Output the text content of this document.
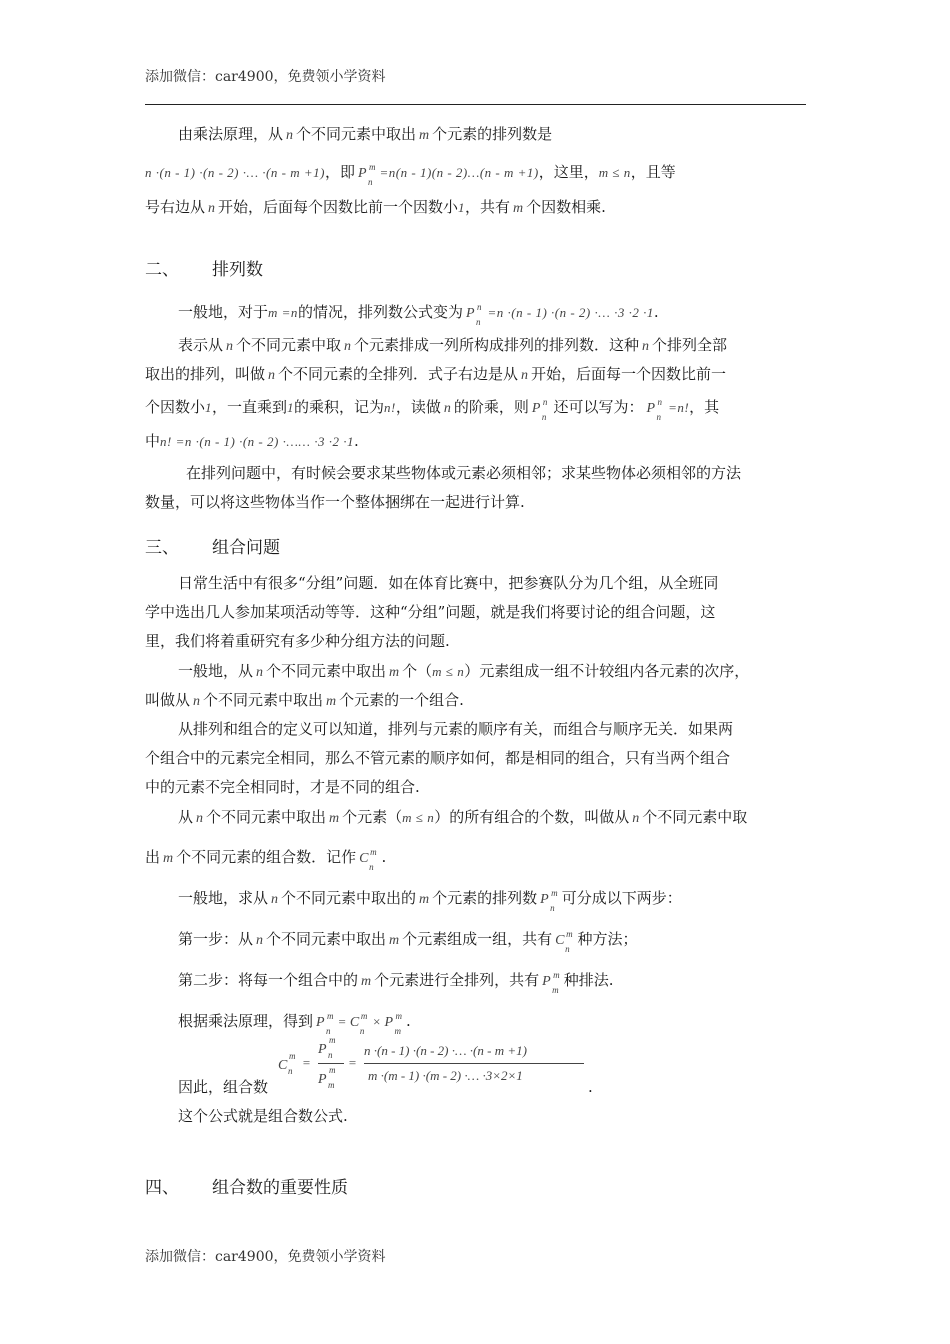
添加微信：car4900，免费领小学资料
由乘法原理，从 n 个不同元素中取出 m 个元素的排列数是
n ·(n - 1) ·(n - 2) ·… ·(n - m +1)，即 P m
n
=n(n - 1)(n - 2)…(n - m +1)，这里，m ≤ n，且等
号右边从 n 开始，后面每个因数比前一个因数小1，共有 m 个因数相乘.
二、 排列数
一般地，对于m =n的情况，排列数公式变为 P n
n
=n ·(n - 1) ·(n - 2) ·… ·3 ·2 ·1.
表示从 n 个不同元素中取 n 个元素排成一列所构成排列的排列数．这种 n 个排列全部
取出的排列，叫做 n 个不同元素的全排列．式子右边是从 n 开始，后面每一个因数比前一
个因数小1，一直乘到1的乘积，记为n!，读做 n 的阶乘，则 P n
n
还可以写为： P n
n
=n!，其
中n! =n ·(n - 1) ·(n - 2) ·…… ·3 ·2 ·1.
在排列问题中，有时候会要求某些物体或元素必须相邻；求某些物体必须相邻的方法
数量，可以将这些物体当作一个整体捆绑在一起进行计算.
三、 组合问题
日常生活中有很多“分组”问题．如在体育比赛中，把参赛队分为几个组，从全班同
学中选出几人参加某项活动等等．这种“分组”问题，就是我们将要讨论的组合问题，这
里，我们将着重研究有多少种分组方法的问题.
一般地，从 n 个不同元素中取出 m 个（m ≤ n）元素组成一组不计较组内各元素的次序，
叫做从 n 个不同元素中取出 m 个元素的一个组合.
从排列和组合的定义可以知道，排列与元素的顺序有关，而组合与顺序无关．如果两
个组合中的元素完全相同，那么不管元素的顺序如何，都是相同的组合，只有当两个组合
中的元素不完全相同时，才是不同的组合.
从 n 个不同元素中取出 m 个元素（m ≤ n）的所有组合的个数，叫做从 n 个不同元素中取
出 m 个不同元素的组合数．记作 C m
n
.
一般地，求从 n 个不同元素中取出的 m 个元素的排列数 P m
n
可分成以下两步：
第一步：从 n 个不同元素中取出 m 个元素组成一组，共有 C m
n
种方法；
第二步：将每一个组合中的 m 个元素进行全排列，共有 P m
m
种排法.
根据乘法原理，得到 P m
n
= C m
n
× P m
m
.
C
m
n
=
P
m
n
P
m
m
=
n ·(n - 1) ·(n - 2) ·… ·(n - m +1)
m ·(m - 1) ·(m - 2) ·… ·3×2×1
因此，组合数	.
这个公式就是组合数公式.
四、 组合数的重要性质
添加微信：car4900，免费领小学资料
